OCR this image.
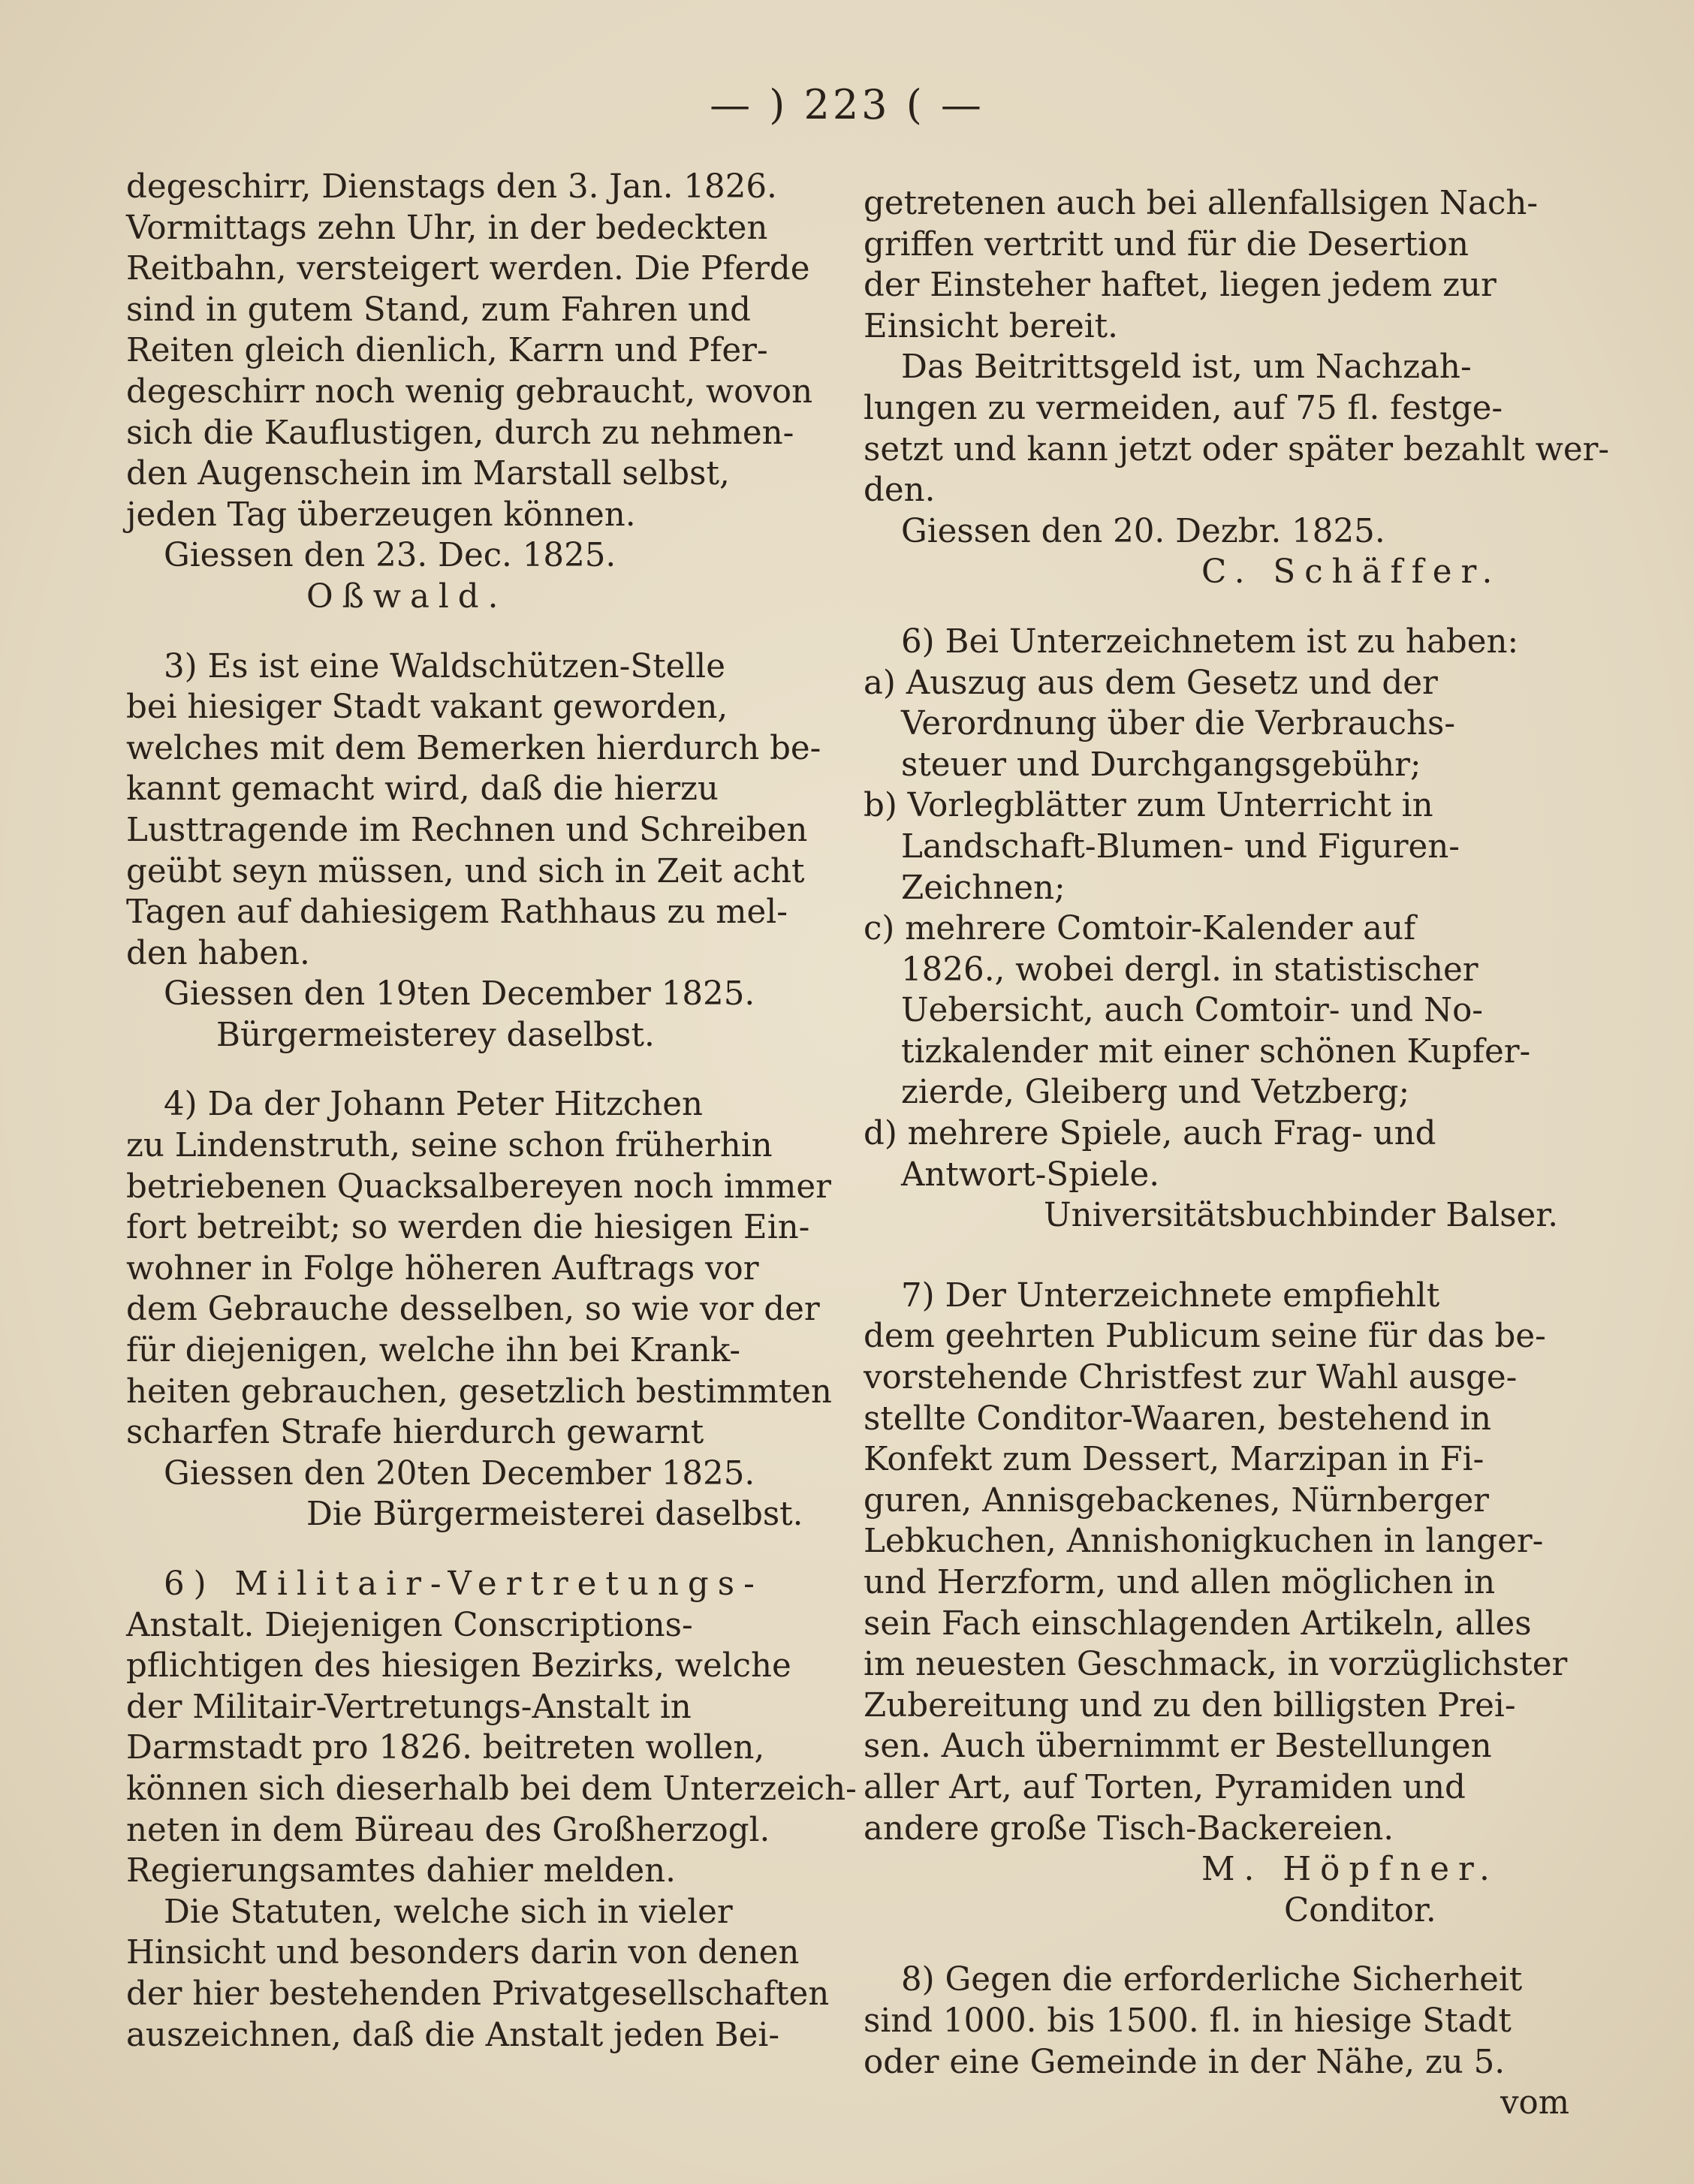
— ) 223 ( —
degeschirr, Dienstags den 3. Jan. 1826.
Vormittags zehn Uhr, in der bedeckten
Reitbahn, versteigert werden. Die Pferde
sind in gutem Stand, zum Fahren und
Reiten gleich dienlich, Karrn und Pfer-
degeschirr noch wenig gebraucht, wovon
sich die Kauflustigen, durch zu nehmen-
den Augenschein im Marstall selbst,
jeden Tag überzeugen können.
Giessen den 23. Dec. 1825.
Oßwald.
3) Es ist eine Waldschützen-Stelle
bei hiesiger Stadt vakant geworden,
welches mit dem Bemerken hierdurch be-
kannt gemacht wird, daß die hierzu
Lusttragende im Rechnen und Schreiben
geübt seyn müssen, und sich in Zeit acht
Tagen auf dahiesigem Rathhaus zu mel-
den haben.
Giessen den 19ten December 1825.
Bürgermeisterey daselbst.
4) Da der Johann Peter Hitzchen
zu Lindenstruth, seine schon früherhin
betriebenen Quacksalbereyen noch immer
fort betreibt; so werden die hiesigen Ein-
wohner in Folge höheren Auftrags vor
dem Gebrauche desselben, so wie vor der
für diejenigen, welche ihn bei Krank-
heiten gebrauchen, gesetzlich bestimmten
scharfen Strafe hierdurch gewarnt
Giessen den 20ten December 1825.
Die Bürgermeisterei daselbst.
6) Militair-Vertretungs-
Anstalt. Diejenigen Conscriptions-
pflichtigen des hiesigen Bezirks, welche
der Militair-Vertretungs-Anstalt in
Darmstadt pro 1826. beitreten wollen,
können sich dieserhalb bei dem Unterzeich-
neten in dem Büreau des Großherzogl.
Regierungsamtes dahier melden.
Die Statuten, welche sich in vieler
Hinsicht und besonders darin von denen
der hier bestehenden Privatgesellschaften
auszeichnen, daß die Anstalt jeden Bei-
getretenen auch bei allenfallsigen Nach-
griffen vertritt und für die Desertion
der Einsteher haftet, liegen jedem zur
Einsicht bereit.
Das Beitrittsgeld ist, um Nachzah-
lungen zu vermeiden, auf 75 fl. festge-
setzt und kann jetzt oder später bezahlt wer-
den.
Giessen den 20. Dezbr. 1825.
C. Schäffer.
6) Bei Unterzeichnetem ist zu haben:
a) Auszug aus dem Gesetz und der
Verordnung über die Verbrauchs-
steuer und Durchgangsgebühr;
b) Vorlegblätter zum Unterricht in
Landschaft-Blumen- und Figuren-
Zeichnen;
c) mehrere Comtoir-Kalender auf
1826., wobei dergl. in statistischer
Uebersicht, auch Comtoir- und No-
tizkalender mit einer schönen Kupfer-
zierde, Gleiberg und Vetzberg;
d) mehrere Spiele, auch Frag- und
Antwort-Spiele.
Universitätsbuchbinder Balser.
7) Der Unterzeichnete empfiehlt
dem geehrten Publicum seine für das be-
vorstehende Christfest zur Wahl ausge-
stellte Conditor-Waaren, bestehend in
Konfekt zum Dessert, Marzipan in Fi-
guren, Annisgebackenes, Nürnberger
Lebkuchen, Annishonigkuchen in langer-
und Herzform, und allen möglichen in
sein Fach einschlagenden Artikeln, alles
im neuesten Geschmack, in vorzüglichster
Zubereitung und zu den billigsten Prei-
sen. Auch übernimmt er Bestellungen
aller Art, auf Torten, Pyramiden und
andere große Tisch-Backereien.
M. Höpfner.
Conditor.
8) Gegen die erforderliche Sicherheit
sind 1000. bis 1500. fl. in hiesige Stadt
oder eine Gemeinde in der Nähe, zu 5.
vom
